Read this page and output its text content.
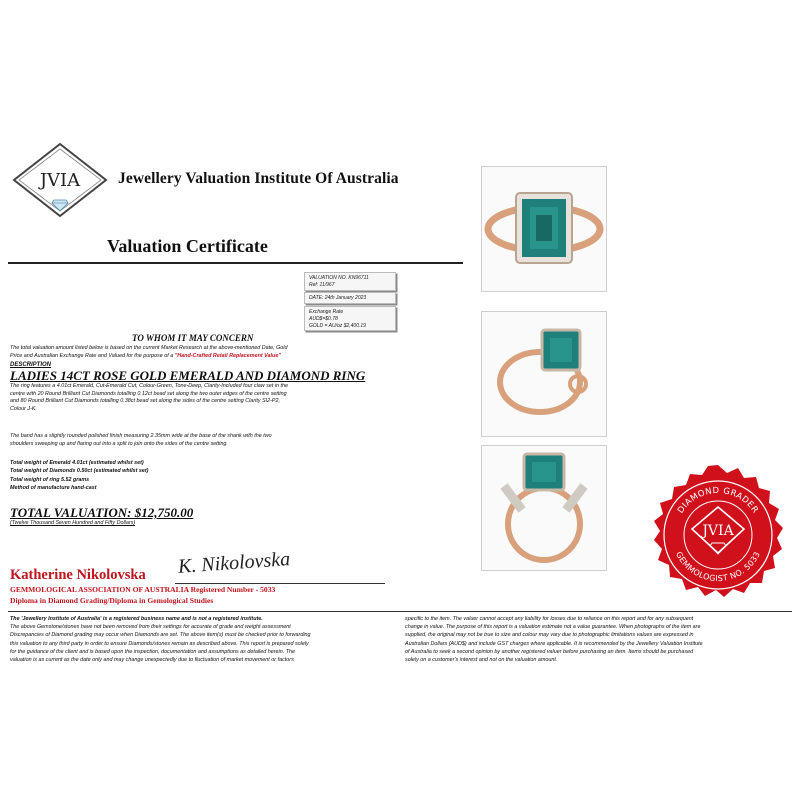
JVIA Jewellery Valuation Institute Of Australia
Valuation Certificate
VALUATION NO. KN96711
Ref: 11/967
DATE: 24th January 2023
Exchange Rate
AUD$=$0.78
GOLD = AU/oz $2,400.19
TO WHOM IT MAY CONCERN
The total valuation amount listed below is based on the current Market Research at the above-mentioned Date, Gold
Price and Australian Exchange Rate and Valued for the purpose of a "Hand-Crafted Retail Replacement Value"
DESCRIPTION
LADIES 14CT ROSE GOLD EMERALD AND DIAMOND RING
The ring features a 4.01ct Emerald, Cut-Emerald Cut, Colour-Green, Tone-Deep, Clarity-Included four claw set in the
centre with 20 Round Brilliant Cut Diamonds totalling 0.12ct bead set along the two outer edges of the centre setting
and 80 Round Brilliant Cut Diamonds totalling 0.38ct bead set along the sides of the centre setting Clarity SI2-P2,
Colour J-K.
The band has a slightly rounded polished finish measuring 2.35mm wide at the base of the shank with the two
shoulders sweeping up and flaring out into a split to join onto the sides of the centre setting.
Total weight of Emerald 4.01ct (estimated whilst set)
Total weight of Diamonds 0.50ct (estimated whilst set)
Total weight of ring 5.52 grams
Method of manufacture hand-cast
TOTAL VALUATION: $12,750.00
(Twelve Thousand Seven Hundred and Fifty Dollars)
K. Nikolovska
Katherine Nikolovska
GEMMOLOGICAL ASSOCIATION OF AUSTRALIA Registered Number - 5033
Diploma in Diamond Grading/Diploma in Gemological Studies
The 'Jewellery Institute of Australia' is a registered business name and is not a registered institute.
The above Gemstone/stones have not been removed from their settings for accurate of grade and weight assessment
Discrepancies of Diamond grading may occur when Diamonds are set. The above item(s) must be checked prior to forwarding
this valuation to any third party in order to ensure Diamonds/stones remain as described above. This report is prepared solely
for the guidance of the client and is based upon the inspection, documentation and assumptions as detailed herein. The
valuation is as current as the date only and may change unexpectedly due to fluctuation of market movement or factors
specific to the item. The valuer cannot accept any liability for losses due to reliance on this report and for any subsequent
change in value. The purpose of this report is a valuation estimate not a value guarantee. When photographs of the item are
supplied, the original may not be true to size and colour may vary due to photographic limitations values are expressed in
Australian Dollars (AUD$) and include GST charges where applicable. It is recommended by the Jewellery Valuation Institute
of Australia to seek a second opinion by another registered valuer before purchasing an item. Items should be purchased
solely on a customer's interest and not on the valuation amount.
DIAMOND GRADER
GEMMOLOGIST NO. 5033
JVIA
